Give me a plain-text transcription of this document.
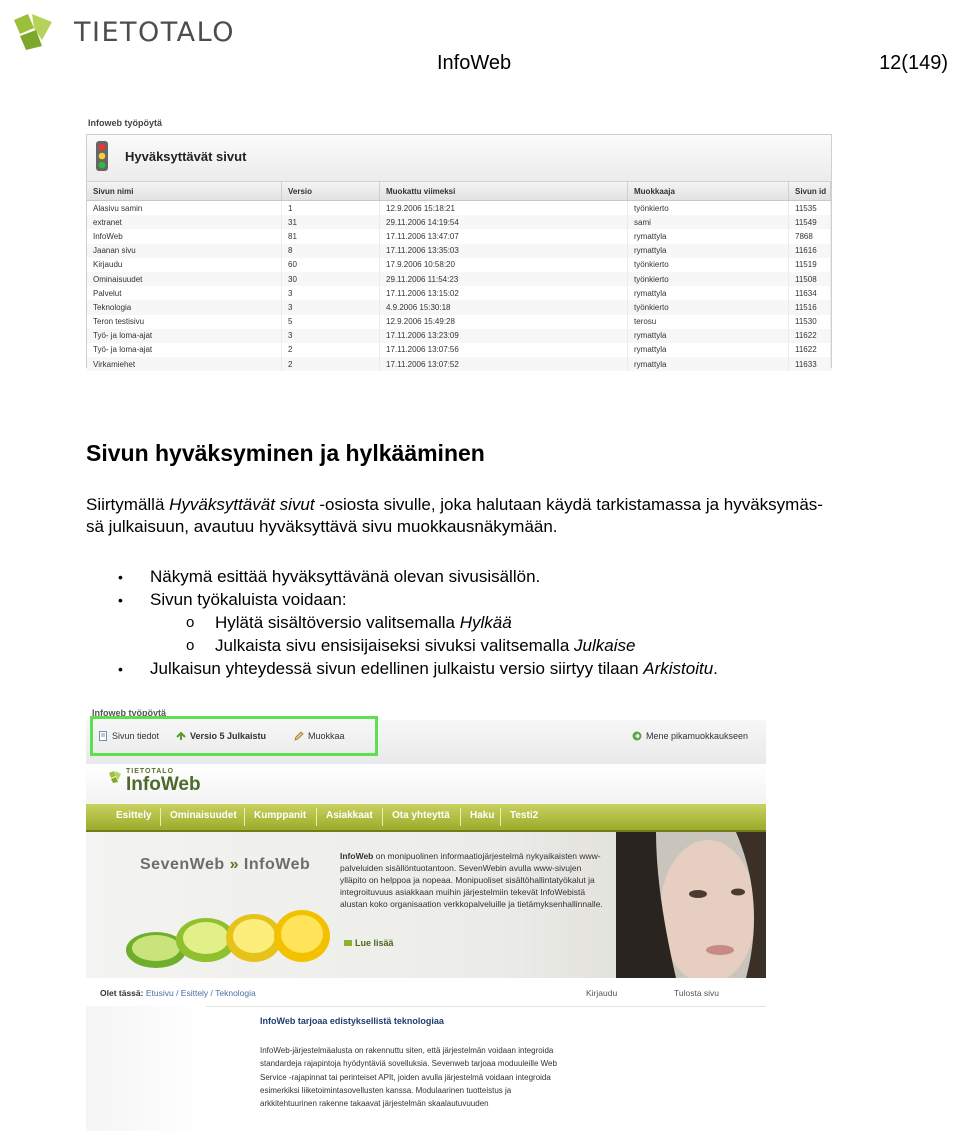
TIETOTALO
InfoWeb	12(149)
Infoweb työpöytä
Hyväksyttävät sivut
Sivun nimi	Versio	Muokattu viimeksi	Muokkaaja	Sivun id
Alasivu samin	1	12.9.2006 15:18:21	työnkierto	11535
extranet	31	29.11.2006 14:19:54	sami	11549
InfoWeb	81	17.11.2006 13:47:07	rymattyla	7868
Jaanan sivu	8	17.11.2006 13:35:03	rymattyla	11616
Kirjaudu	60	17.9.2006 10:58:20	työnkierto	11519
Ominaisuudet	30	29.11.2006 11:54:23	työnkierto	11508
Palvelut	3	17.11.2006 13:15:02	rymattyla	11634
Teknologia	3	4.9.2006 15:30:18	työnkierto	11516
Teron testisivu	5	12.9.2006 15:49:28	terosu	11530
Työ- ja loma-ajat	3	17.11.2006 13:23:09	rymattyla	11622
Työ- ja loma-ajat	2	17.11.2006 13:07:56	rymattyla	11622
Virkamiehet	2	17.11.2006 13:07:52	rymattyla	11633
Sivun hyväksyminen ja hylkääminen
Siirtymällä Hyväksyttävät sivut -osiosta sivulle, joka halutaan käydä tarkistamassa ja hyväksymäs-
sä julkaisuun, avautuu hyväksyttävä sivu muokkausnäkymään.
• Näkymä esittää hyväksyttävänä olevan sivusisällön.
• Sivun työkaluista voidaan:
o Hylätä sisältöversio valitsemalla Hylkää
o Julkaista sivu ensisijaiseksi sivuksi valitsemalla Julkaise
• Julkaisun yhteydessä sivun edellinen julkaistu versio siirtyy tilaan Arkistoitu.
Infoweb työpöytä
Sivun tiedot	Versio 5 Julkaistu	Muokkaa	Mene pikamuokkaukseen
TIETOTALO
InfoWeb
Esittely Ominaisuudet Kumppanit Asiakkaat Ota yhteyttä Haku Testi2
SevenWeb » InfoWeb	InfoWeb on monipuolinen informaatiojärjestelmä nykyaikaisten www-palveluiden sisällöntuotantoon. SevenWebin avulla www-sivujen ylläpito on helppoa ja nopeaa. Monipuoliset sisältöhallintatyökalut ja integroituvuus asiakkaan muihin järjestelmiin tekevät InfoWebistä alustan koko organisaation verkkopalveluille ja tietämyksenhallinnalle.
Lue lisää
Olet tässä: Etusivu / Esittely / Teknologia	Kirjaudu	Tulosta sivu
InfoWeb tarjoaa edistyksellistä teknologiaa
InfoWeb-järjestelmäalusta on rakennuttu siten, että järjestelmän voidaan integroida standardeja rajapintoja hyödyntäviä sovelluksia. Sevenweb tarjoaa moduuleille Web Service -rajapinnat tai perinteiset APIt, joiden avulla järjestelmä voidaan integroida esimerkiksi liiketoimintasovellusten kanssa. Modulaarinen tuotteistus ja arkkitehtuurinen rakenne takaavat järjestelmän skaalautuvuuden
